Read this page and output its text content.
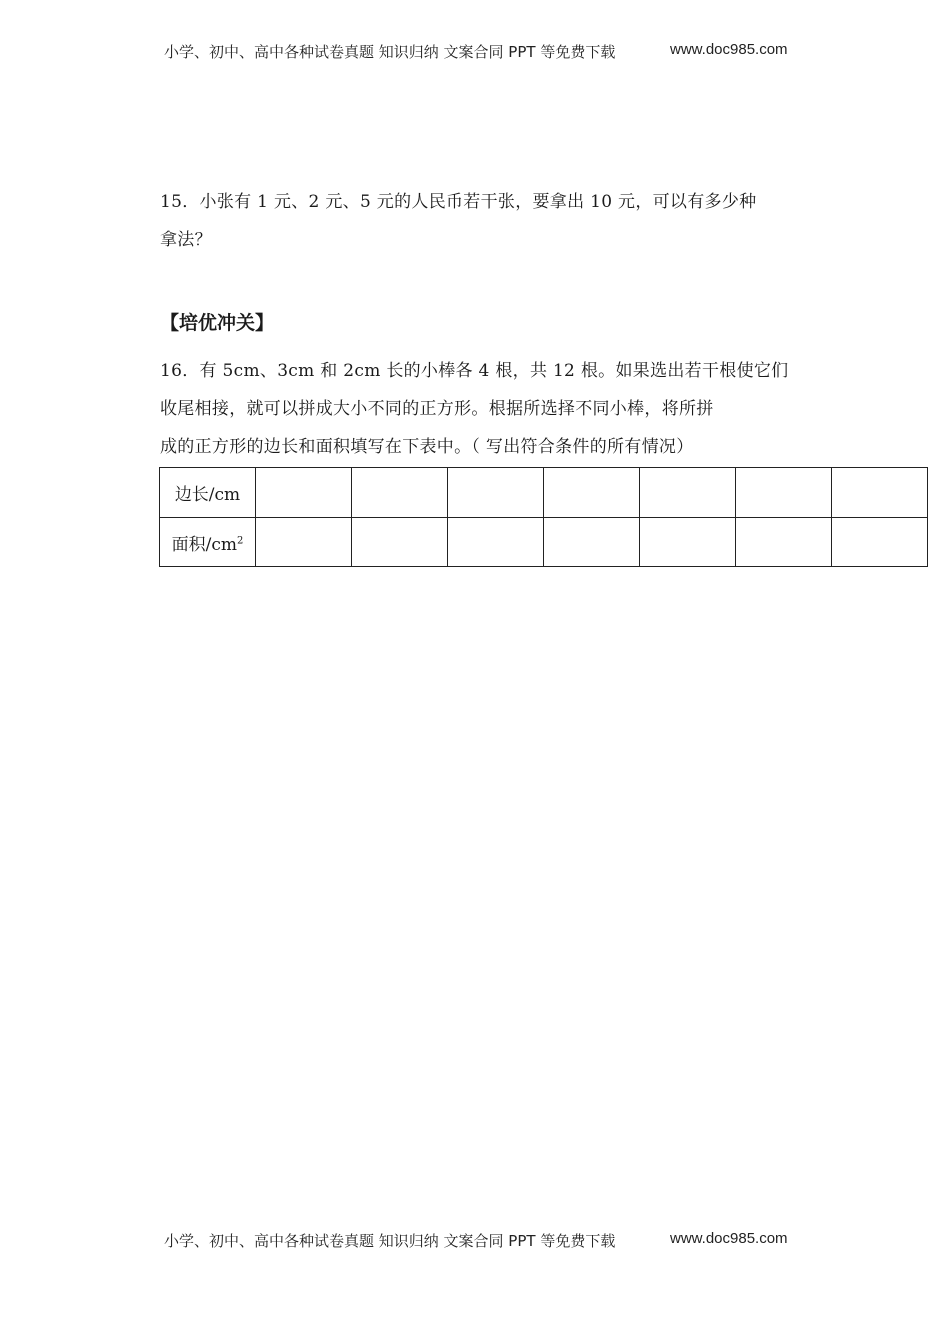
小学、初中、高中各种试卷真题 知识归纳 文案合同 PPT 等免费下载	www.doc985.com

15．小张有 1 元、2 元、5 元的人民币若干张，要拿出 10 元，可以有多少种

拿法？

【培优冲关】

16．有 5cm、3cm 和 2cm 长的小棒各 4 根，共 12 根。如果选出若干根使它们

收尾相接，就可以拼成大小不同的正方形。根据所选择不同小棒，将所拼

成的正方形的边长和面积填写在下表中。（ 写出符合条件的所有情况）

边长/cm							
面积$/cm^2$							
小学、初中、高中各种试卷真题 知识归纳 文案合同 PPT 等免费下载	www.doc985.com
